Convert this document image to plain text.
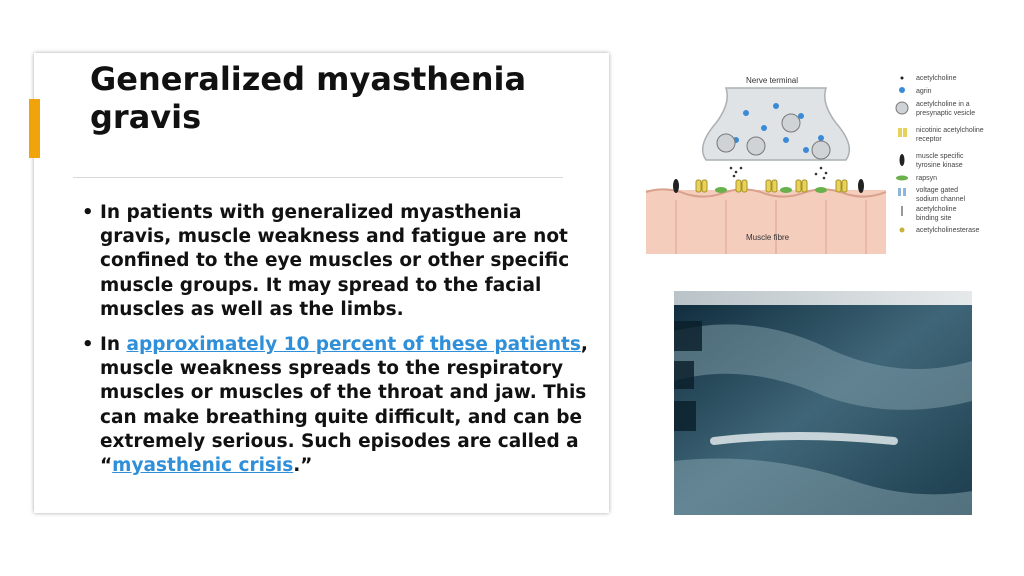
Generalized myasthenia gravis
• In patients with generalized myasthenia gravis, muscle weakness and fatigue are not confined to the eye muscles or other specific muscle groups. It may spread to the facial muscles as well as the limbs.
• In approximately 10 percent of these patients, muscle weakness spreads to the respiratory muscles or muscles of the throat and jaw. This can make breathing quite difficult, and can be extremely serious. Such episodes are called a “myasthenic crisis.”
Nerve terminal
Muscle fibre
acetylcholine
agrin
acetylcholine in a
presynaptic vesicle
nicotinic acetylcholine
receptor
muscle specific
tyrosine kinase
rapsyn
voltage gated
sodium channel
acetylcholine
binding site
acetylcholinesterase
